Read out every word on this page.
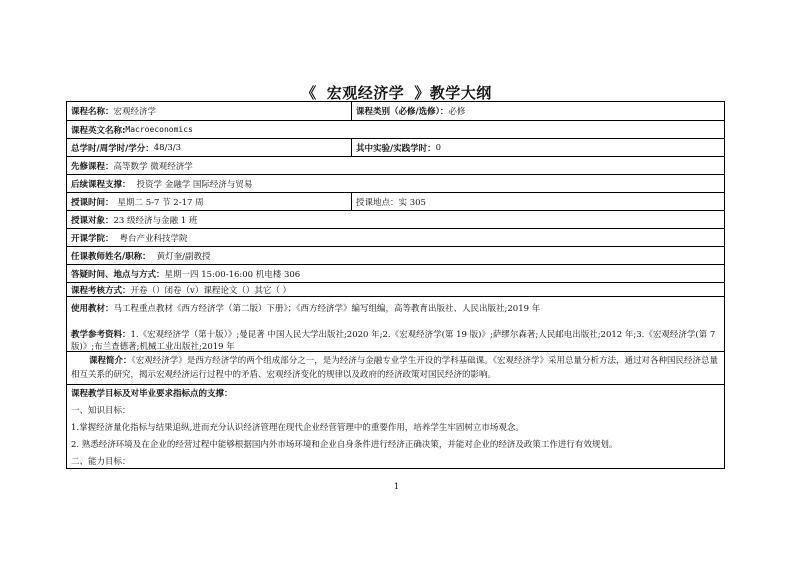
《 宏观经济学 》教学大纲
课程名称： 宏观经济学	课程类别（必修/选修）： 必修
课程英文名称: Macroeconomics
总学时/周学时/学分： 48/3/3	其中实验/实践学时： 0
先修课程： 高等数学 微观经济学
后续课程支撑： 投资学 金融学 国际经济与贸易
授课时间： 星期二 5-7 节 2-17 周	授课地点： 实 305
授课对象： 23 级经济与金融 1 班
开课学院： 粤台产业科技学院
任课教师姓名/职称： 黄灯奎/副教授
答疑时间、地点与方式： 星期一四 15:00-16:00 机电楼 306
课程考核方式： 开卷（）闭卷（v）课程论文（）其它（ ）
使用教材：马工程重点教材《西方经济学（第二版）下册》；《西方经济学》编写组编，高等教育出版社、人民出版社;2019 年
教学参考资料：1.《宏观经济学（第十版）》;曼昆著 中国人民大学出版社;2020 年;2.《宏观经济学(第 19 版)》;萨缪尔森著;人民邮电出版社;2012 年;3.《宏观经济学(第 7 版)》;布兰查德著;机械工业出版社;2019 年
课程简介：《宏观经济学》是西方经济学的两个组成部分之一，是为经济与金融专业学生开设的学科基础课。《宏观经济学》采用总量分析方法，通过对各种国民经济总量相互关系的研究，揭示宏观经济运行过程中的矛盾、宏观经济变化的规律以及政府的经济政策对国民经济的影响。
课程教学目标及对毕业要求指标点的支撑：
一、知识目标：
1.掌握经济量化指标与结果追纵,进而充分认识经济管理在现代企业经营管理中的重要作用，培养学生牢固树立市场观念。
2. 熟悉经济环境及在企业的经营过程中能够根据国内外市场环境和企业自身条件进行经济正确决策，并能对企业的经济及政策工作进行有效规划。
二、能力目标：
1
